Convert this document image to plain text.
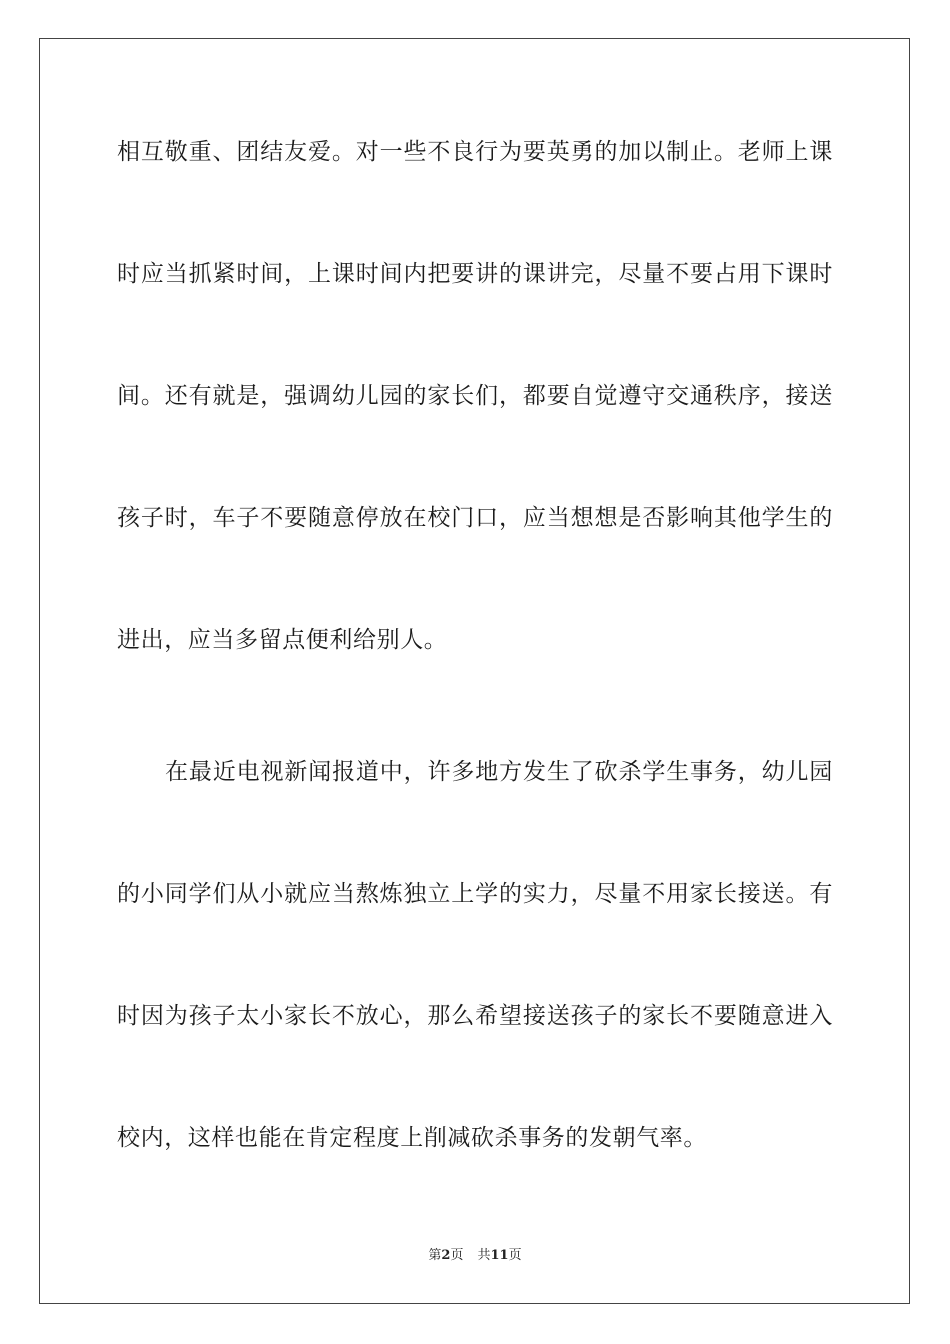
相互敬重、团结友爱。对一些不良行为要英勇的加以制止。老师上课
时应当抓紧时间，上课时间内把要讲的课讲完，尽量不要占用下课时
间。还有就是，强调幼儿园的家长们，都要自觉遵守交通秩序，接送
孩子时，车子不要随意停放在校门口，应当想想是否影响其他学生的
进出，应当多留点便利给别人。
在最近电视新闻报道中，许多地方发生了砍杀学生事务，幼儿园
的小同学们从小就应当熬炼独立上学的实力，尽量不用家长接送。有
时因为孩子太小家长不放心，那么希望接送孩子的家长不要随意进入
校内，这样也能在肯定程度上削减砍杀事务的发朝气率。
第2页 共11页
